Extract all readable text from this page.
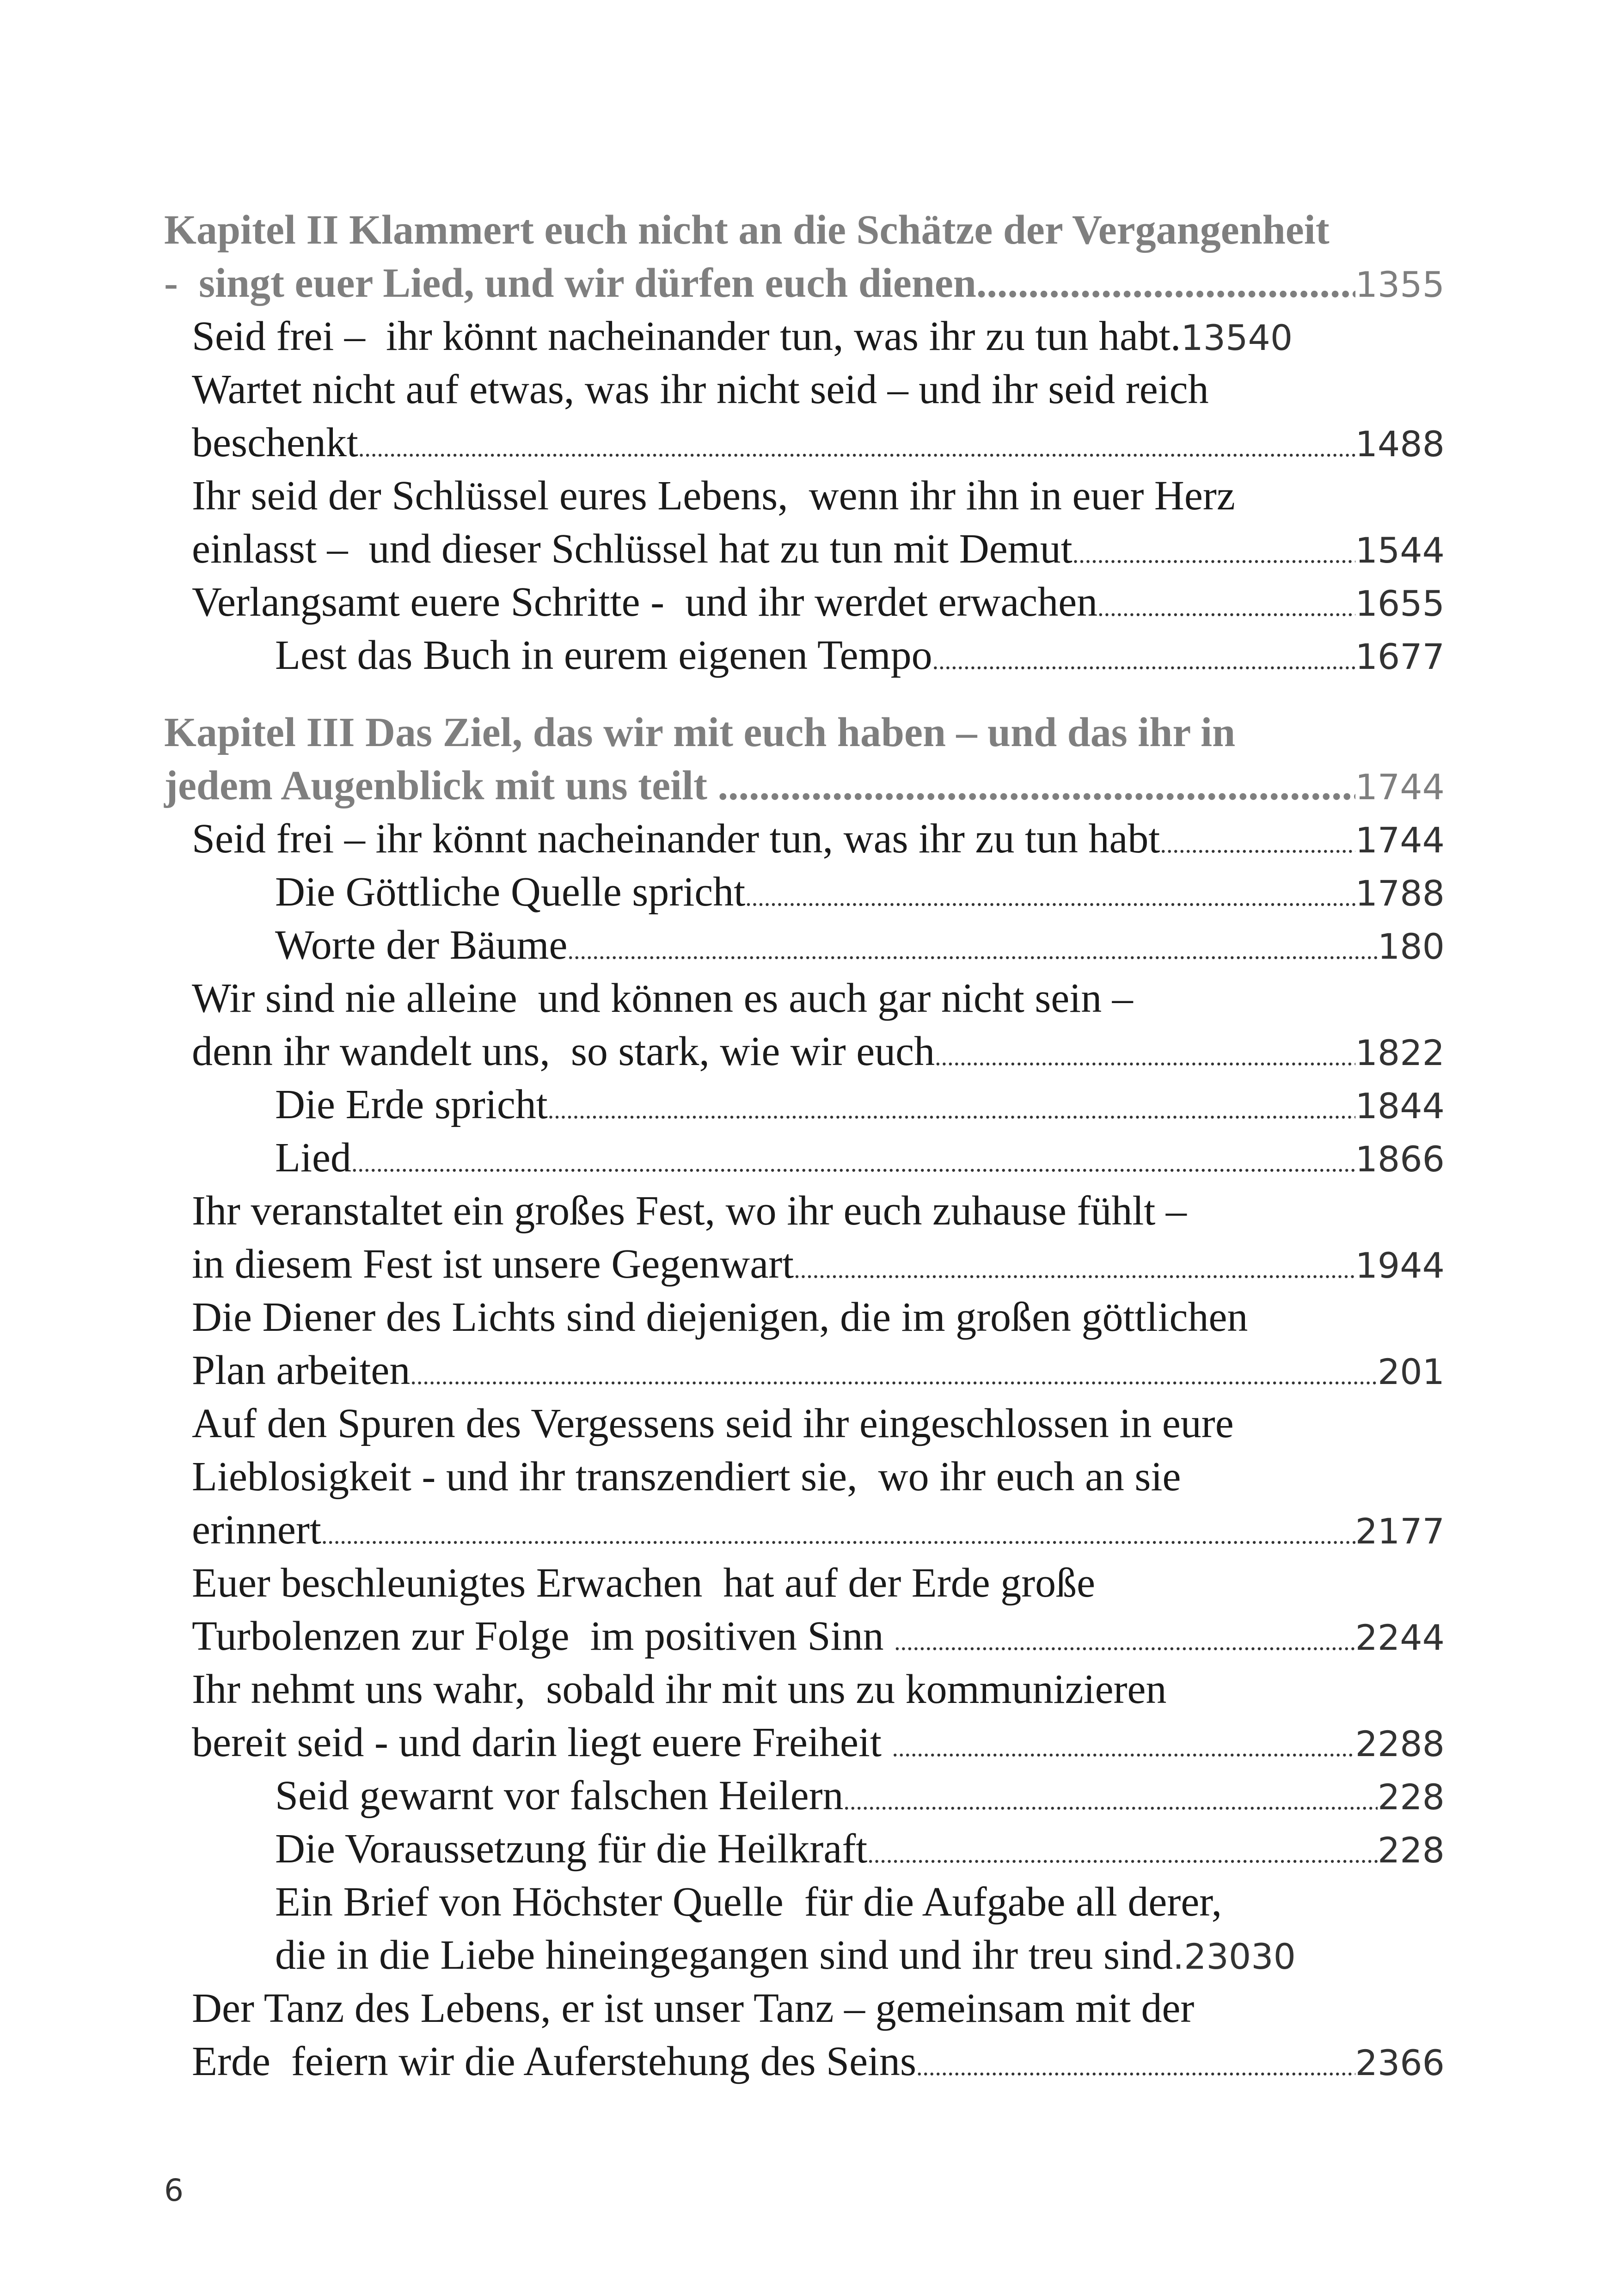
Kapitel II Klammert euch nicht an die Schätze der Vergangenheit
-  singt euer Lied, und wir dürfen euch dienen .....	1355
Seid frei –  ihr könnt nacheinander tun, was ihr zu tun habt. 13540
Wartet nicht auf etwas, was ihr nicht seid – und ihr seid reich
beschenkt .....	1488
Ihr seid der Schlüssel eures Lebens,  wenn ihr ihn in euer Herz
einlasst –  und dieser Schlüssel hat zu tun mit Demut .....	1544
Verlangsamt euere Schritte -  und ihr werdet erwachen .....	1655
Lest das Buch in eurem eigenen Tempo .....	1677
Kapitel III Das Ziel, das wir mit euch haben – und das ihr in
jedem Augenblick mit uns teilt .....	1744
Seid frei – ihr könnt nacheinander tun, was ihr zu tun habt .....	1744
Die Göttliche Quelle spricht .....	1788
Worte der Bäume .....	180
Wir sind nie alleine  und können es auch gar nicht sein –
denn ihr wandelt uns,  so stark, wie wir euch .....	1822
Die Erde spricht .....	1844
Lied .....	1866
Ihr veranstaltet ein großes Fest, wo ihr euch zuhause fühlt –
in diesem Fest ist unsere Gegenwart .....	1944
Die Diener des Lichts sind diejenigen, die im großen göttlichen
Plan arbeiten .....	201
Auf den Spuren des Vergessens seid ihr eingeschlossen in eure
Lieblosigkeit - und ihr transzendiert sie,  wo ihr euch an sie
erinnert .....	2177
Euer beschleunigtes Erwachen  hat auf der Erde große
Turbolenzen zur Folge  im positiven Sinn .....	2244
Ihr nehmt uns wahr,  sobald ihr mit uns zu kommunizieren
bereit seid - und darin liegt euere Freiheit .....	2288
Seid gewarnt vor falschen Heilern .....	228
Die Voraussetzung für die Heilkraft .....	228
Ein Brief von Höchster Quelle  für die Aufgabe all derer,
die in die Liebe hineingegangen sind und ihr treu sind .23030
Der Tanz des Lebens, er ist unser Tanz – gemeinsam mit der
Erde  feiern wir die Auferstehung des Seins .....	2366
6
